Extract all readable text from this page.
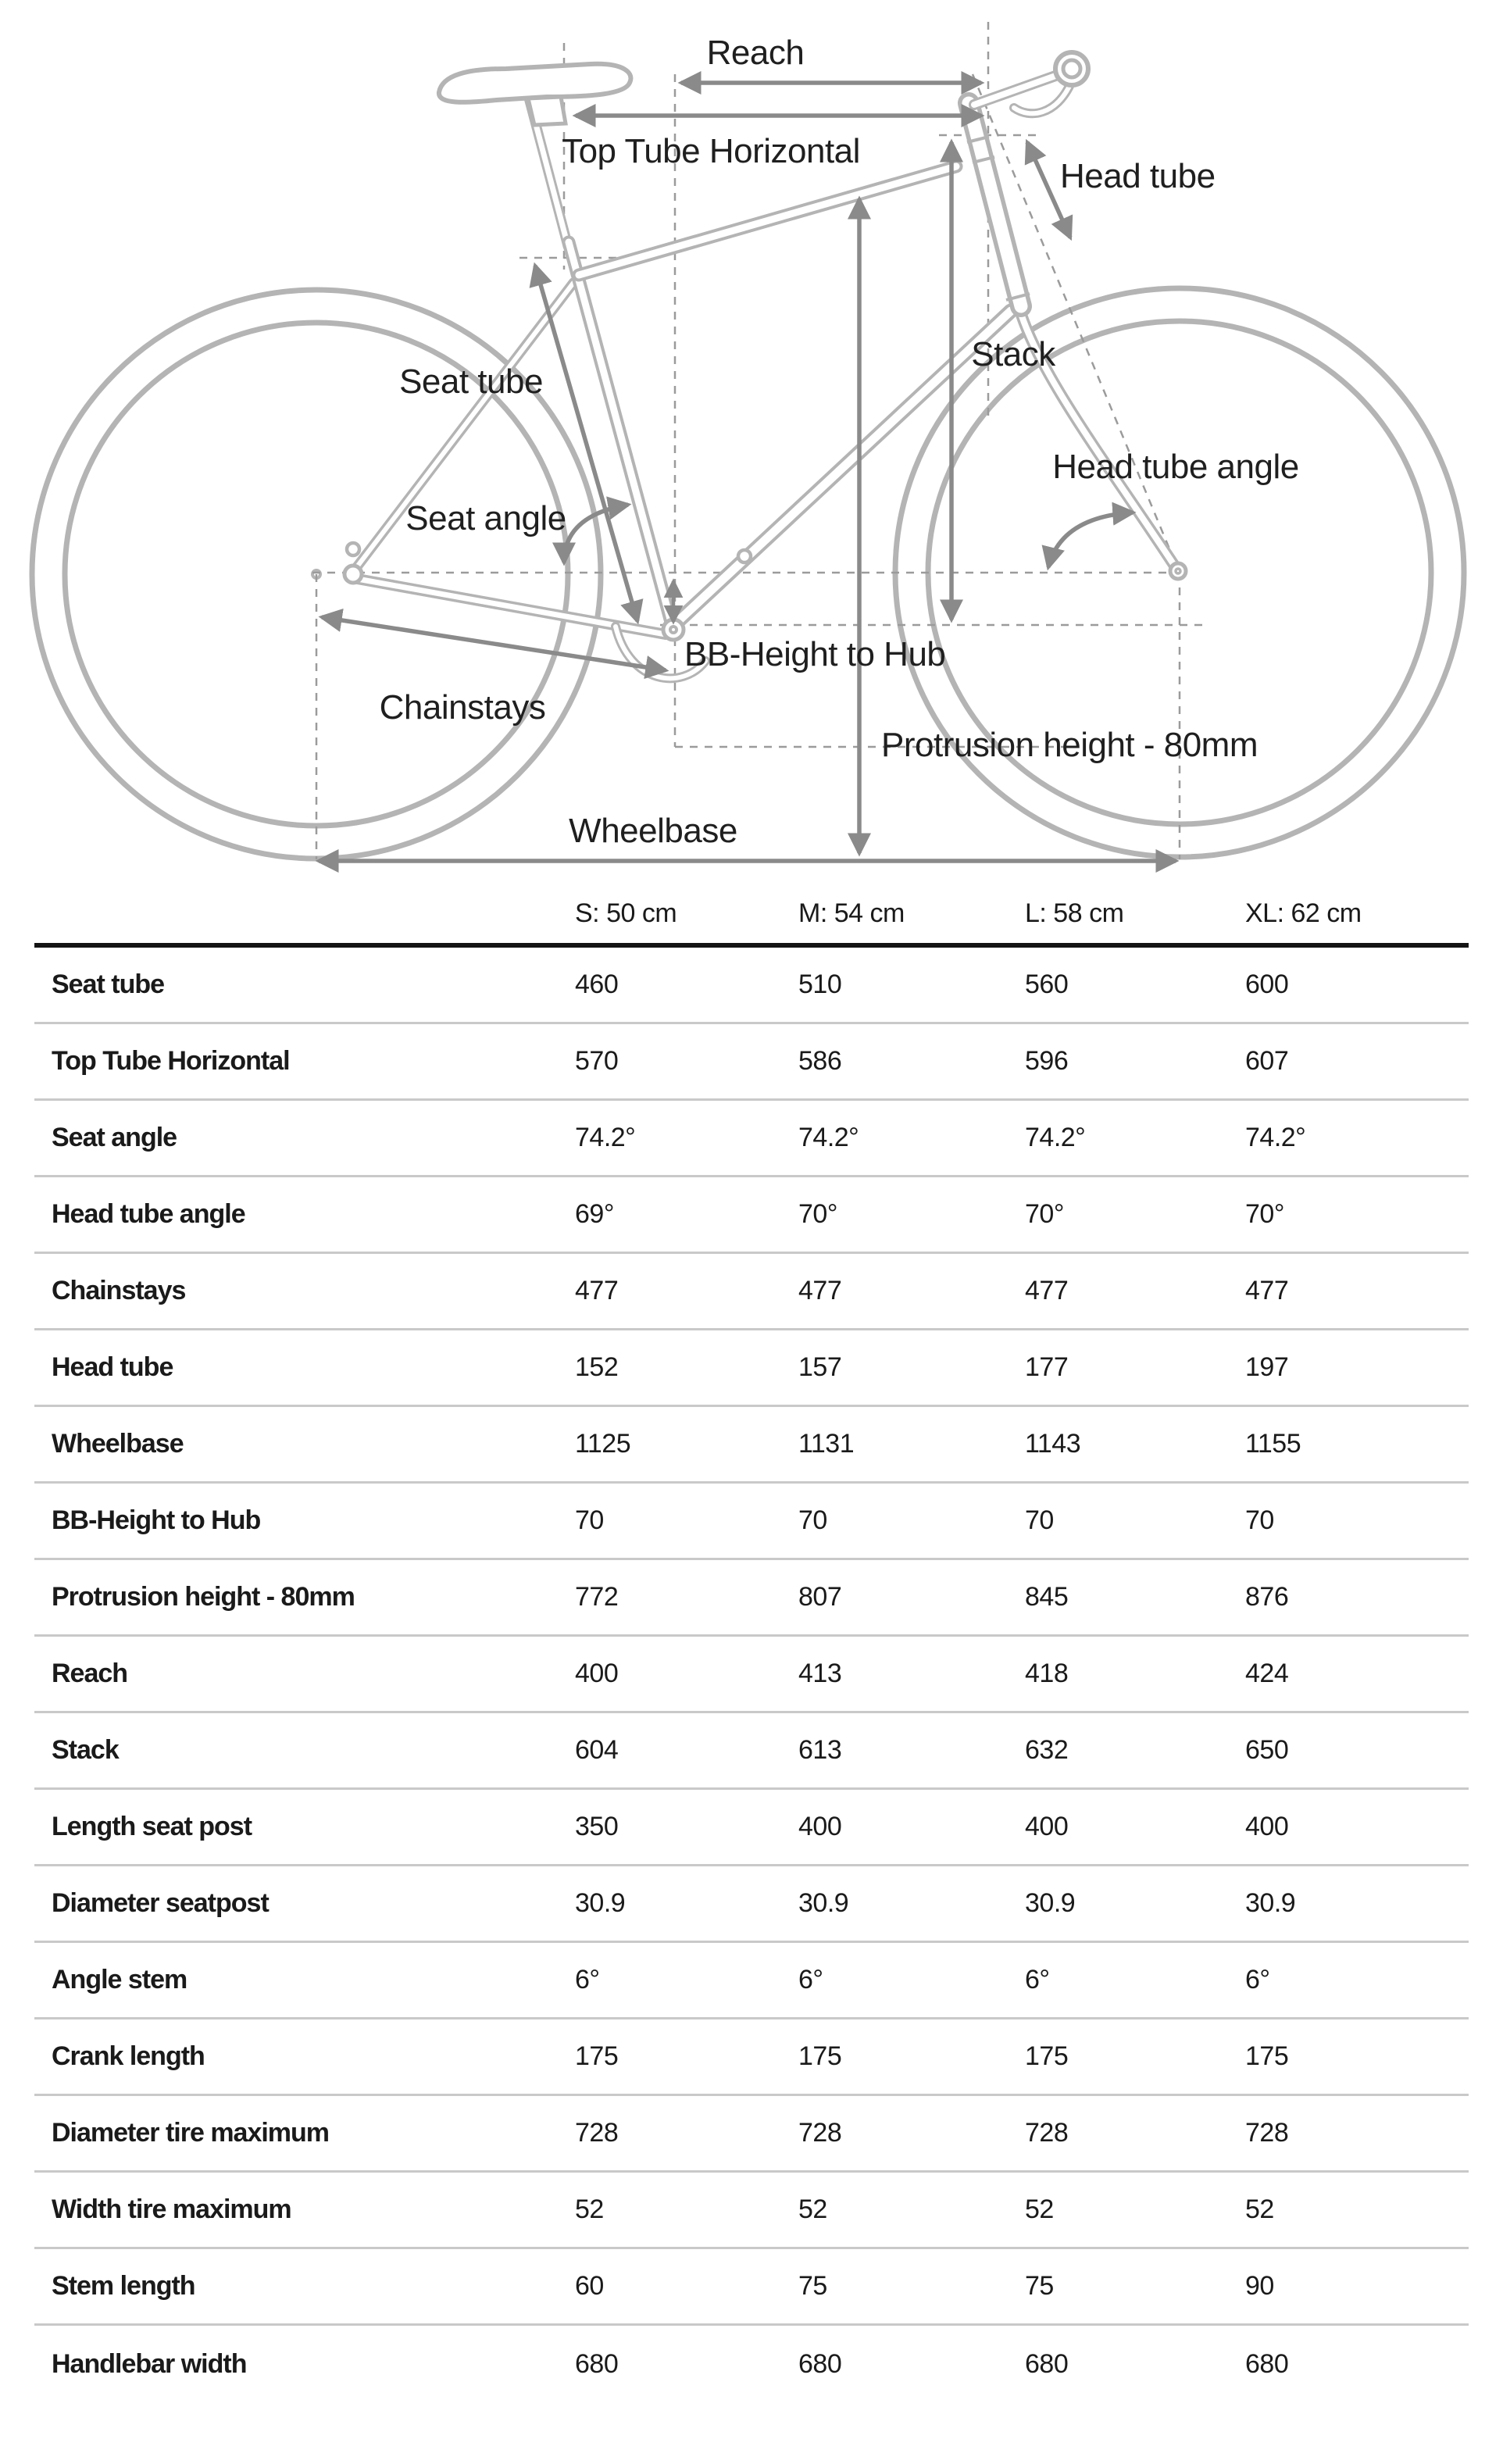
Reach
Top Tube Horizontal
Head tube
Seat tube
Stack
Head tube angle
Seat angle
BB-Height to Hub
Chainstays
Protrusion height - 80mm
Wheelbase
S: 50 cm	M: 54 cm	L: 58 cm	XL: 62 cm
Seat tube	460	510	560	600
Top Tube Horizontal	570	586	596	607
Seat angle	74.2°	74.2°	74.2°	74.2°
Head tube angle	69°	70°	70°	70°
Chainstays	477	477	477	477
Head tube	152	157	177	197
Wheelbase	1125	1131	1143	1155
BB-Height to Hub	70	70	70	70
Protrusion height - 80mm	772	807	845	876
Reach	400	413	418	424
Stack	604	613	632	650
Length seat post	350	400	400	400
Diameter seatpost	30.9	30.9	30.9	30.9
Angle stem	6°	6°	6°	6°
Crank length	175	175	175	175
Diameter tire maximum	728	728	728	728
Width tire maximum	52	52	52	52
Stem length	60	75	75	90
Handlebar width	680	680	680	680
